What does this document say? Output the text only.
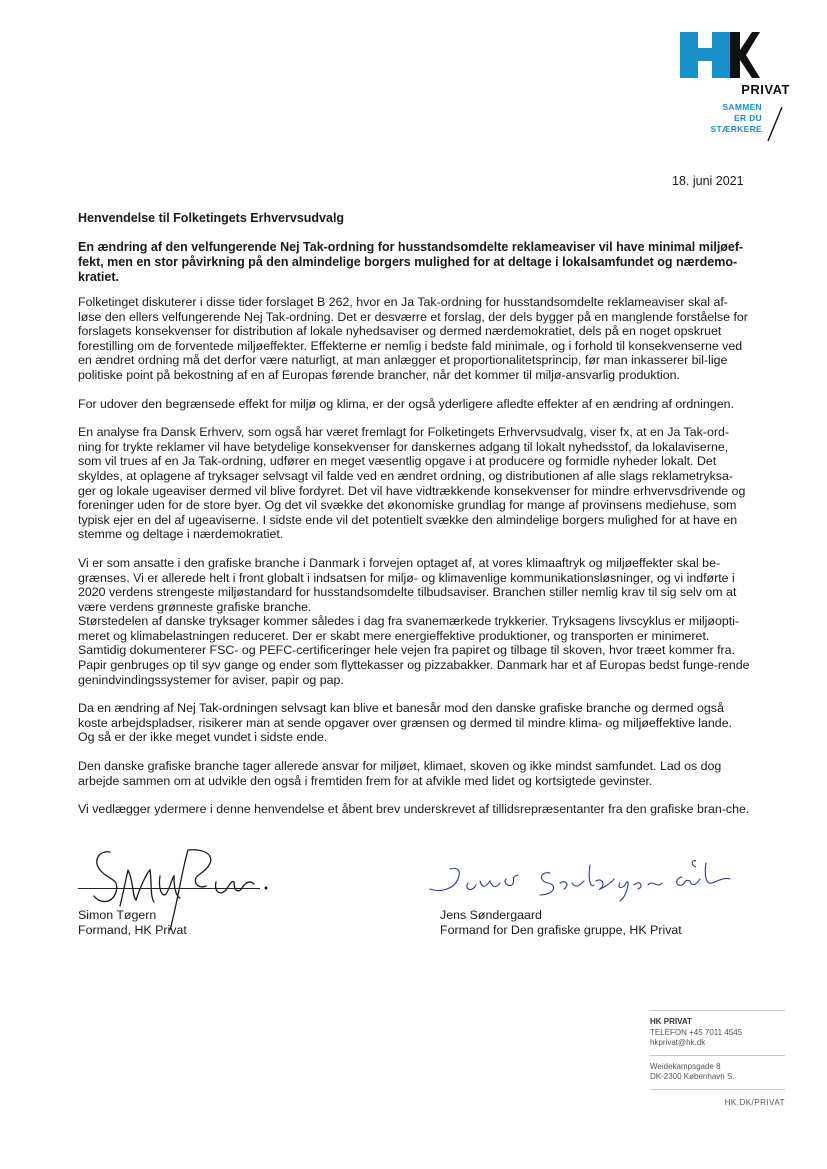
PRIVAT
SAMMEN
ER DU
STÆRKERE
18. juni 2021
Henvendelse til Folketingets Erhvervsudvalg
En ændring af den velfungerende Nej Tak-ordning for husstandsomdelte reklameaviser vil have minimal miljøef-fekt, men en stor påvirkning på den almindelige borgers mulighed for at deltage i lokalsamfundet og nærdemo-kratiet.

Folketinget diskuterer i disse tider forslaget B 262, hvor en Ja Tak-ordning for husstandsomdelte reklameaviser skal af-løse den ellers velfungerende Nej Tak-ordning. Det er desværre et forslag, der dels bygger på en manglende forståelse for forslagets konsekvenser for distribution af lokale nyhedsaviser og dermed nærdemokratiet, dels på en noget opskruet forestilling om de forventede miljøeffekter. Effekterne er nemlig i bedste fald minimale, og i forhold til konsekvenserne ved en ændret ordning må det derfor være naturligt, at man anlægger et proportionalitetsprincip, før man inkasserer bil-lige politiske point på bekostning af en af Europas førende brancher, når det kommer til miljø-ansvarlig produktion.

For udover den begrænsede effekt for miljø og klima, er der også yderligere afledte effekter af en ændring af ordningen.

En analyse fra Dansk Erhverv, som også har været fremlagt for Folketingets Erhvervsudvalg, viser fx, at en Ja Tak-ord-ning for trykte reklamer vil have betydelige konsekvenser for danskernes adgang til lokalt nyhedsstof, da lokalaviserne, som vil trues af en Ja Tak-ordning, udfører en meget væsentlig opgave i at producere og formidle nyheder lokalt. Det skyldes, at oplagene af tryksager selvsagt vil falde ved en ændret ordning, og distributionen af alle slags reklametryksa-ger og lokale ugeaviser dermed vil blive fordyret. Det vil have vidtrækkende konsekvenser for mindre erhvervsdrivende og foreninger uden for de store byer. Og det vil svække det økonomiske grundlag for mange af provinsens mediehuse, som typisk ejer en del af ugeaviserne. I sidste ende vil det potentielt svække den almindelige borgers mulighed for at have en stemme og deltage i nærdemokratiet.

Vi er som ansatte i den grafiske branche i Danmark i forvejen optaget af, at vores klimaaftryk og miljøeffekter skal be-grænses. Vi er allerede helt i front globalt i indsatsen for miljø- og klimavenlige kommunikationsløsninger, og vi indførte i 2020 verdens strengeste miljøstandard for husstandsomdelte tilbudsaviser. Branchen stiller nemlig krav til sig selv om at være verdens grønneste grafiske branche.

Størstedelen af danske tryksager kommer således i dag fra svanemærkede trykkerier. Tryksagens livscyklus er miljøopti-meret og klimabelastningen reduceret. Der er skabt mere energieffektive produktioner, og transporten er minimeret. Samtidig dokumenterer FSC- og PEFC-certificeringer hele vejen fra papiret og tilbage til skoven, hvor træet kommer fra. Papir genbruges op til syv gange og ender som flyttekasser og pizzabakker. Danmark har et af Europas bedst funge-rende genindvindingssystemer for aviser, papir og pap.

Da en ændring af Nej Tak-ordningen selvsagt kan blive et banesår mod den danske grafiske branche og dermed også koste arbejdspladser, risikerer man at sende opgaver over grænsen og dermed til mindre klima- og miljøeffektive lande. Og så er der ikke meget vundet i sidste ende.

Den danske grafiske branche tager allerede ansvar for miljøet, klimaet, skoven og ikke mindst samfundet. Lad os dog arbejde sammen om at udvikle den også i fremtiden frem for at afvikle med lidet og kortsigtede gevinster.

Vi vedlægger ydermere i denne henvendelse et åbent brev underskrevet af tillidsrepræsentanter fra den grafiske bran-che.

Simon Tøgern
Formand, HK Privat
Jens Søndergaard
Formand for Den grafiske gruppe, HK Privat
HK PRIVAT
TELEFON +45 7011 4545
hkprivat@hk.dk
Weidekampsgade 8
DK-2300 København S.
HK.DK/PRIVAT
